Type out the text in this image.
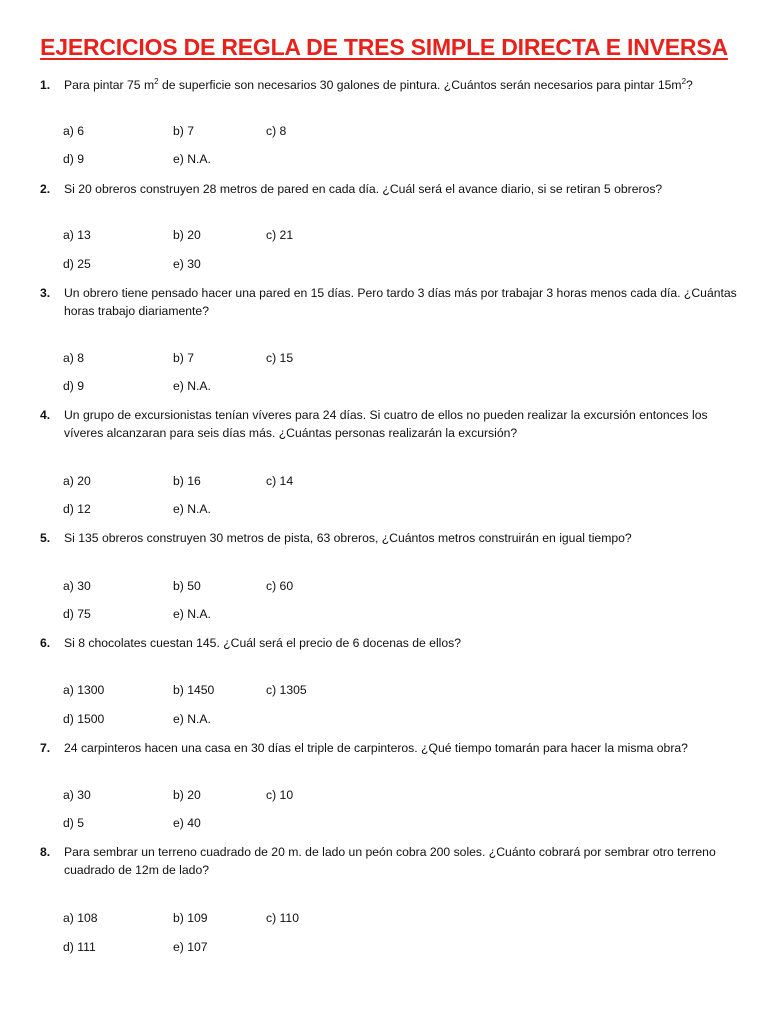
EJERCICIOS DE REGLA DE TRES SIMPLE DIRECTA E INVERSA
1. Para pintar 75 $m^2$ de superficie son necesarios 30 galones de pintura. ¿Cuántos serán necesarios para pintar $15m^2$?
a) 6	b) 7	c) 8
d) 9	e) N.A.
2. Si 20 obreros construyen 28 metros de pared en cada día. ¿Cuál será el avance diario, si se retiran 5 obreros?
a) 13	b) 20	c) 21
d) 25	e) 30
3. Un obrero tiene pensado hacer una pared en 15 días. Pero tardo 3 días más por trabajar 3 horas menos cada día. ¿Cuántas horas trabajo diariamente?
a) 8	b) 7	c) 15
d) 9	e) N.A.
4. Un grupo de excursionistas tenían víveres para 24 días. Si cuatro de ellos no pueden realizar la excursión entonces los víveres alcanzaran para seis días más. ¿Cuántas personas realizarán la excursión?
a) 20	b) 16	c) 14
d) 12	e) N.A.
5. Si 135 obreros construyen 30 metros de pista, 63 obreros, ¿Cuántos metros construirán en igual tiempo?
a) 30	b) 50	c) 60
d) 75	e) N.A.
6. Si 8 chocolates cuestan 145. ¿Cuál será el precio de 6 docenas de ellos?
a) 1300	b) 1450	c) 1305
d) 1500	e) N.A.
7. 24 carpinteros hacen una casa en 30 días el triple de carpinteros. ¿Qué tiempo tomarán para hacer la misma obra?
a) 30	b) 20	c) 10
d) 5	e) 40
8. Para sembrar un terreno cuadrado de 20 m. de lado un peón cobra 200 soles. ¿Cuánto cobrará por sembrar otro terreno cuadrado de 12m de lado?
a) 108	b) 109	c) 110
d) 111	e) 107
